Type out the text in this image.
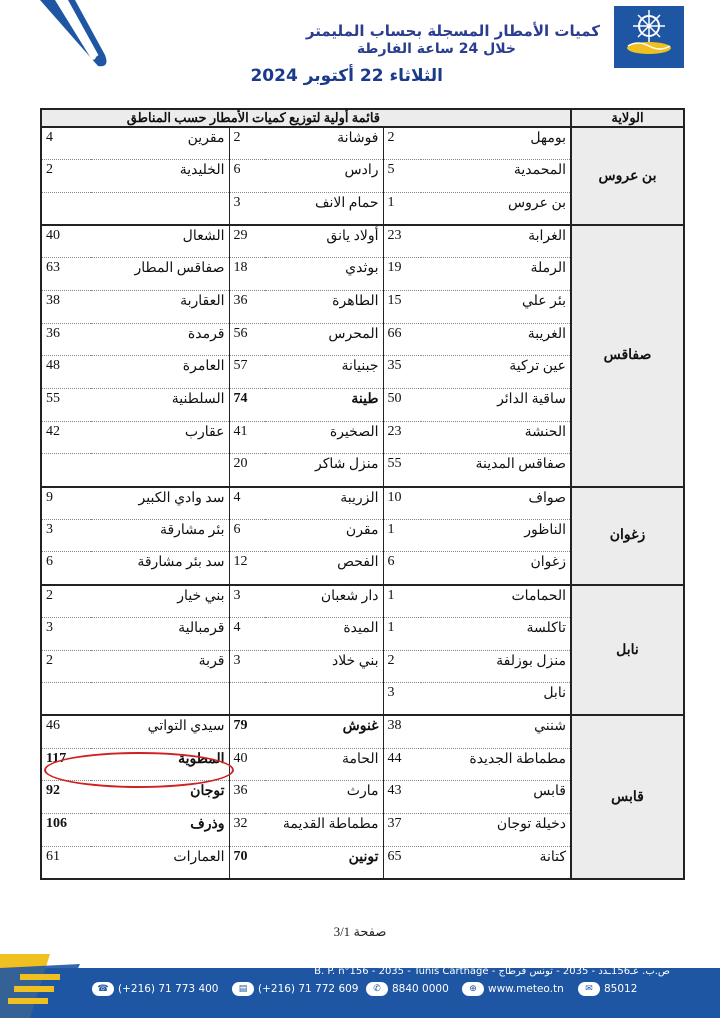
كميات الأمطار المسجلة بحساب المليمتر
خلال 24 ساعة الفارطة
الثلاثاء 22 أكتوبر 2024
قائمة أولية لتوزيع كميات الأمطار حسب المناطق						الولاية
4	مقرين	2	فوشانة	2	بومهل	بن عروس
2	الخليدية	6	رادس	5	المحمدية	
		3	حمام الانف	1	بن عروس	
40	الشعال	29	أولاد يانق	23	الغرابة	صفاقس
63	صفاقس المطار	18	بوثدي	19	الرملة	
38	العقاربة	36	الطاهرة	15	بئر علي	
36	قرمدة	56	المحرس	66	الغريبة	
48	العامرة	57	جبنيانة	35	عين تركية	
55	السلطنية	74	طينة	50	ساقية الدائر	
42	عقارب	41	الصخيرة	23	الحنشة	
		20	منزل شاكر	55	صفاقس المدينة	
9	سد وادي الكبير	4	الزريبة	10	صواف	زغوان
3	بئر مشارقة	6	مقرن	1	الناظور	
6	سد بئر مشارقة	12	الفحص	6	زغوان	
2	بني خيار	3	دار شعبان	1	الحمامات	نابل
3	قرمبالية	4	الميدة	1	تاكلسة	
2	قربة	3	بني خلاد	2	منزل بوزلفة	
				3	نابل	
46	سيدي التواتي	79	غنوش	38	شنني	قابس
117	المطوية	40	الحامة	44	مطماطة الجديدة	
92	توجان	36	مارث	43	قابس	
106	وذرف	32	مطماطة القديمة	37	دخيلة توجان	
61	العمارات	70	تونين	65	كتانة	
صفحة 3/1
B. P. n°156 - 2035 - Tunis Carthage - ص.ب. عـ156ـدد - 2035 - تونس قرطاج
☎ (+216) 71 773 400	▤ (+216) 71 772 609	✆ 8840 0000	⊕ www.meteo.tn	✉ 85012
